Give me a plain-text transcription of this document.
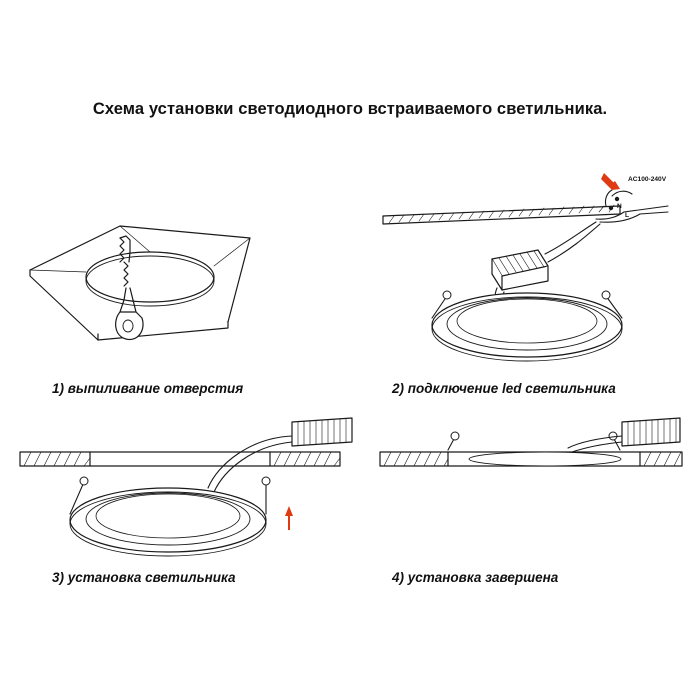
Схема установки светодиодного встраиваемого светильника.
AC100-240V
N
L
1) выпиливание отверстия	2) подключение led светильника
3) установка светильника	4) установка завершена
